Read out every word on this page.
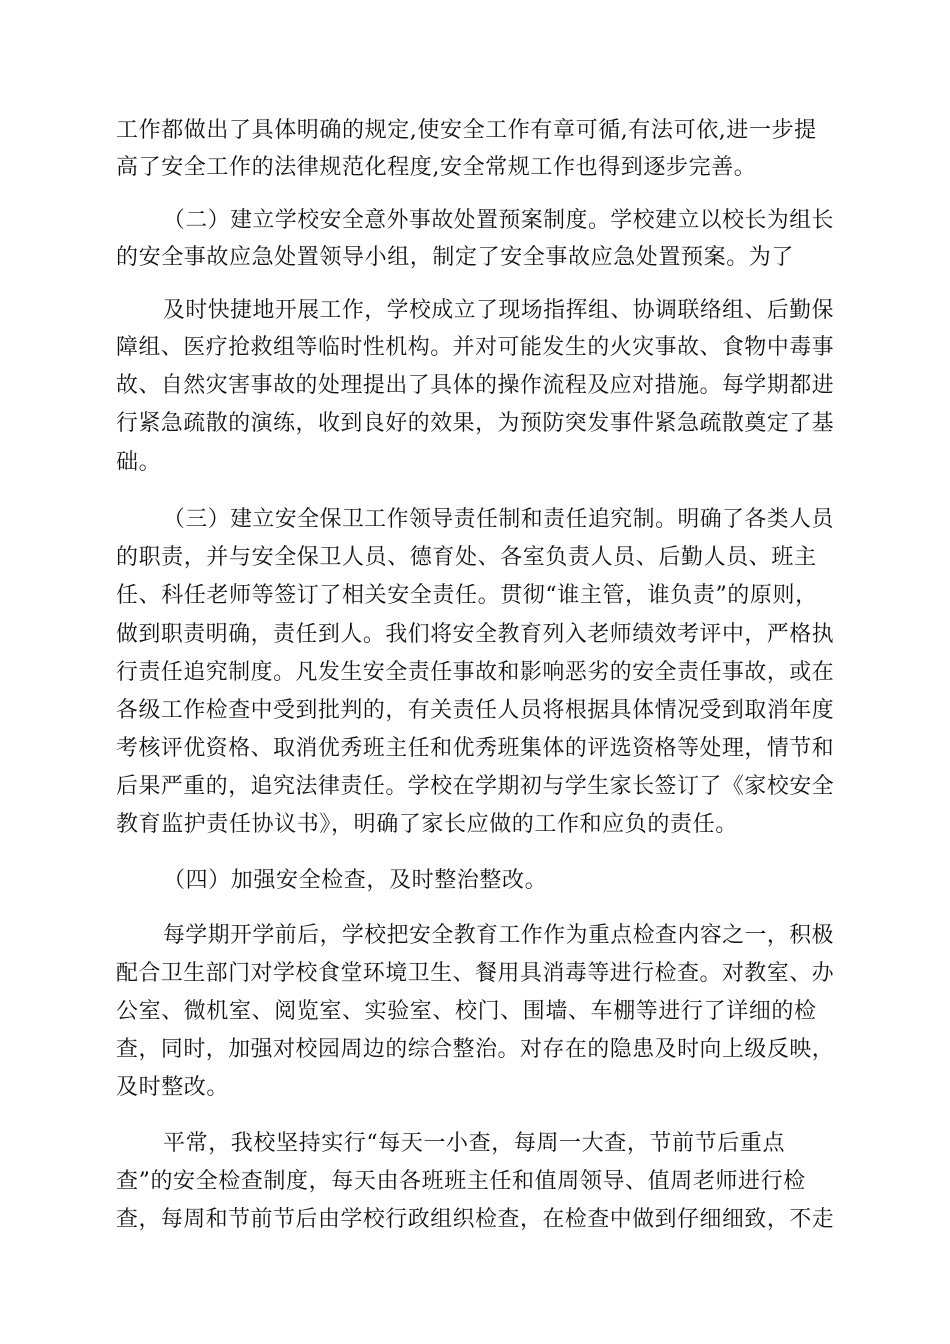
工作都做出了具体明确的规定,使安全工作有章可循,有法可依,进一步提
高了安全工作的法律规范化程度,安全常规工作也得到逐步完善。
（二）建立学校安全意外事故处置预案制度。学校建立以校长为组长
的安全事故应急处置领导小组，制定了安全事故应急处置预案。为了
及时快捷地开展工作，学校成立了现场指挥组、协调联络组、后勤保
障组、医疗抢救组等临时性机构。并对可能发生的火灾事故、食物中毒事
故、自然灾害事故的处理提出了具体的操作流程及应对措施。每学期都进
行紧急疏散的演练，收到良好的效果，为预防突发事件紧急疏散奠定了基
础。
（三）建立安全保卫工作领导责任制和责任追究制。明确了各类人员
的职责，并与安全保卫人员、德育处、各室负责人员、后勤人员、班主
任、科任老师等签订了相关安全责任。贯彻“谁主管，谁负责”的原则，
做到职责明确，责任到人。我们将安全教育列入老师绩效考评中，严格执
行责任追究制度。凡发生安全责任事故和影响恶劣的安全责任事故，或在
各级工作检查中受到批判的，有关责任人员将根据具体情况受到取消年度
考核评优资格、取消优秀班主任和优秀班集体的评选资格等处理，情节和
后果严重的，追究法律责任。学校在学期初与学生家长签订了《家校安全
教育监护责任协议书》，明确了家长应做的工作和应负的责任。
（四）加强安全检查，及时整治整改。
每学期开学前后，学校把安全教育工作作为重点检查内容之一，积极
配合卫生部门对学校食堂环境卫生、餐用具消毒等进行检查。对教室、办
公室、微机室、阅览室、实验室、校门、围墙、车棚等进行了详细的检
查，同时，加强对校园周边的综合整治。对存在的隐患及时向上级反映，
及时整改。
平常，我校坚持实行“每天一小查，每周一大查，节前节后重点
查”的安全检查制度，每天由各班班主任和值周领导、值周老师进行检
查，每周和节前节后由学校行政组织检查，在检查中做到仔细细致，不走
